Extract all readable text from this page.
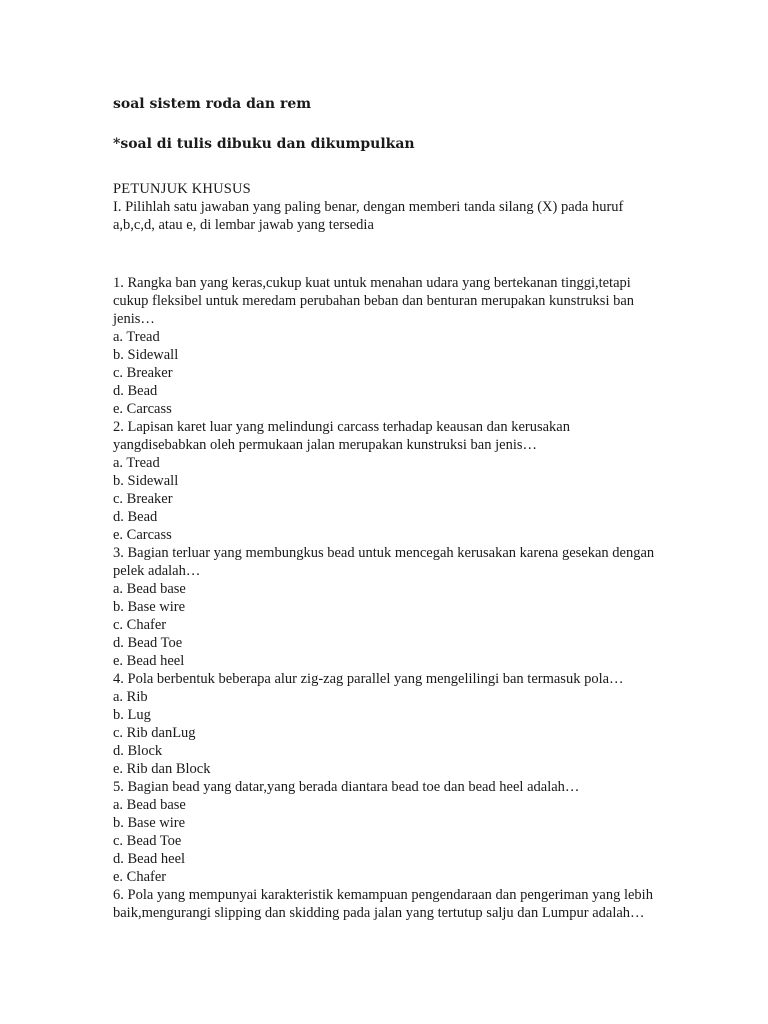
soal sistem roda dan rem

*soal di tulis dibuku dan dikumpulkan

PETUNJUK KHUSUS

I. Pilihlah satu jawaban yang paling benar, dengan memberi tanda silang (X) pada huruf a,b,c,d, atau e, di lembar jawab yang tersedia

1. Rangka ban yang keras,cukup kuat untuk menahan udara yang bertekanan tinggi,tetapi cukup fleksibel untuk meredam perubahan beban dan benturan merupakan kunstruksi ban jenis…

a. Tread

b. Sidewall

c. Breaker

d. Bead

e. Carcass

2. Lapisan karet luar yang melindungi carcass terhadap keausan dan kerusakan yangdisebabkan oleh permukaan jalan merupakan kunstruksi ban jenis…

a. Tread

b. Sidewall

c. Breaker

d. Bead

e. Carcass

3. Bagian terluar yang membungkus bead untuk mencegah kerusakan karena gesekan dengan pelek adalah…

a. Bead base

b. Base wire

c. Chafer

d. Bead Toe

e. Bead heel

4. Pola berbentuk beberapa alur zig-zag parallel yang mengelilingi ban termasuk pola…

a. Rib

b. Lug

c. Rib danLug

d. Block

e. Rib dan Block

5. Bagian bead yang datar,yang berada diantara bead toe dan bead heel adalah…

a. Bead base

b. Base wire

c. Bead Toe

d. Bead heel

e. Chafer

6. Pola yang mempunyai karakteristik kemampuan pengendaraan dan pengeriman yang lebih baik,mengurangi slipping dan skidding pada jalan yang tertutup salju dan Lumpur adalah…
